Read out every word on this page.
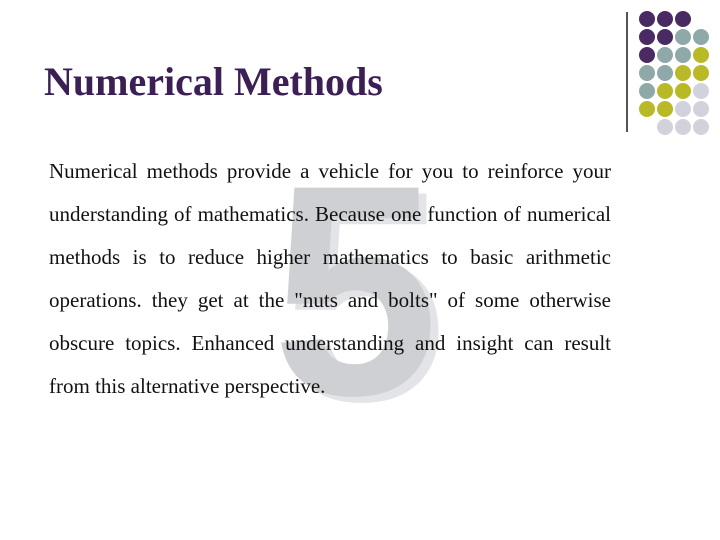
5
Numerical Methods

Numerical methods provide a vehicle for you to reinforce your understanding of mathematics. Because one function of numerical methods is to reduce higher mathematics to basic arithmetic operations. they get at the "nuts and bolts" of some otherwise obscure topics. Enhanced understanding and insight can result from this alternative perspective.
